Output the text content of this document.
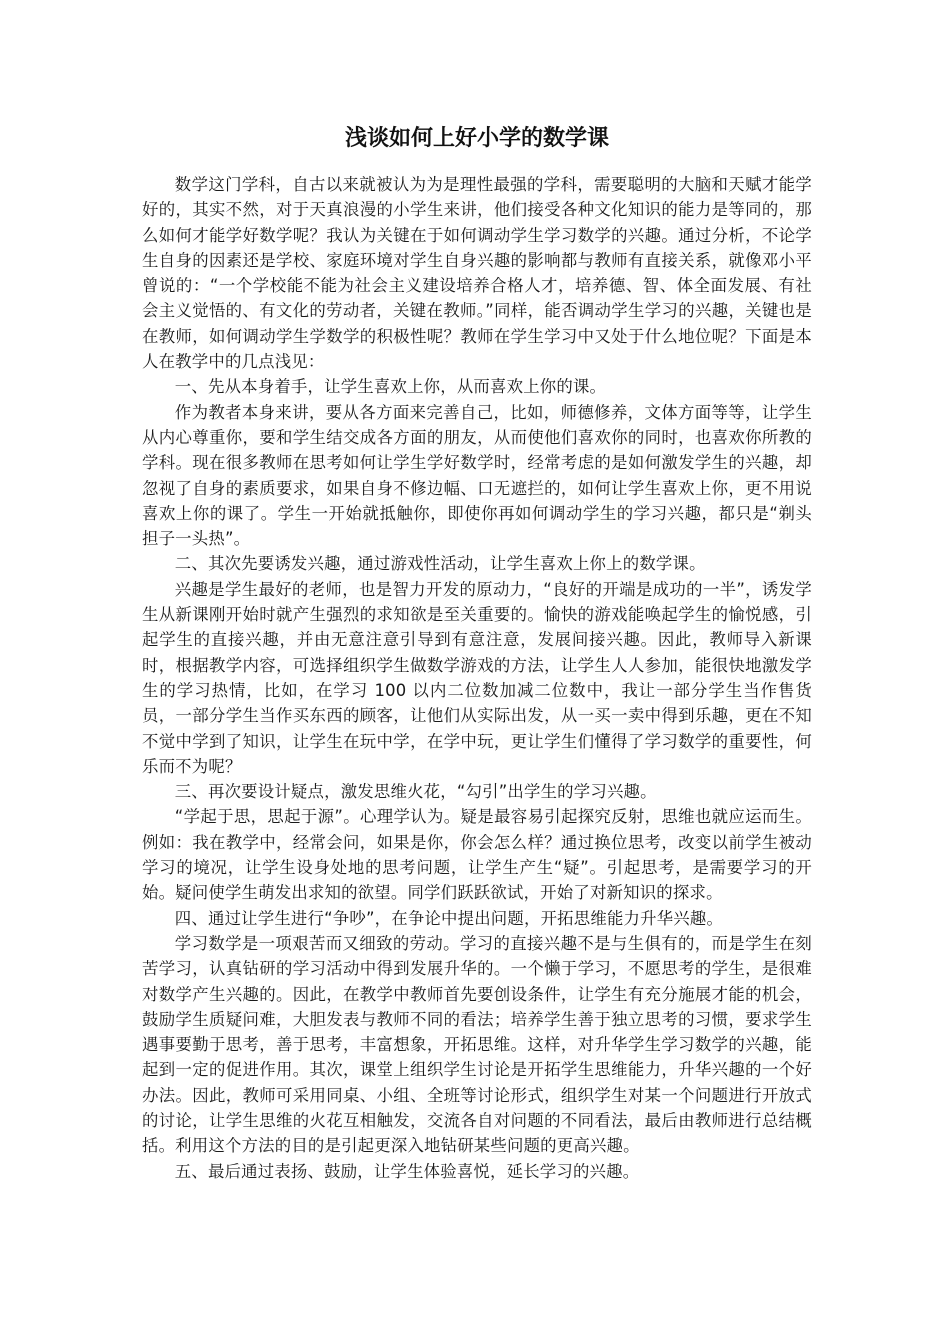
浅谈如何上好小学的数学课

数学这门学科，自古以来就被认为为是理性最强的学科，需要聪明的大脑和天赋才能学好的，其实不然，对于天真浪漫的小学生来讲，他们接受各种文化知识的能力是等同的，那么如何才能学好数学呢？我认为关键在于如何调动学生学习数学的兴趣。通过分析，不论学生自身的因素还是学校、家庭环境对学生自身兴趣的影响都与教师有直接关系，就像邓小平曾说的：“一个学校能不能为社会主义建设培养合格人才，培养德、智、体全面发展、有社会主义觉悟的、有文化的劳动者，关键在教师。”同样，能否调动学生学习的兴趣，关键也是在教师，如何调动学生学数学的积极性呢？教师在学生学习中又处于什么地位呢？下面是本人在教学中的几点浅见：

一、先从本身着手，让学生喜欢上你，从而喜欢上你的课。

作为教者本身来讲，要从各方面来完善自己，比如，师德修养，文体方面等等，让学生从内心尊重你，要和学生结交成各方面的朋友，从而使他们喜欢你的同时，也喜欢你所教的学科。现在很多教师在思考如何让学生学好数学时，经常考虑的是如何激发学生的兴趣，却忽视了自身的素质要求，如果自身不修边幅、口无遮拦的，如何让学生喜欢上你，更不用说喜欢上你的课了。学生一开始就抵触你，即使你再如何调动学生的学习兴趣，都只是“剃头担子一头热”。

二、其次先要诱发兴趣，通过游戏性活动，让学生喜欢上你上的数学课。

兴趣是学生最好的老师，也是智力开发的原动力，“良好的开端是成功的一半”，诱发学生从新课刚开始时就产生强烈的求知欲是至关重要的。愉快的游戏能唤起学生的愉悦感，引起学生的直接兴趣，并由无意注意引导到有意注意，发展间接兴趣。因此，教师导入新课时，根据教学内容，可选择组织学生做数学游戏的方法，让学生人人参加，能很快地激发学生的学习热情，比如，在学习 100 以内二位数加减二位数中，我让一部分学生当作售货员，一部分学生当作买东西的顾客，让他们从实际出发，从一买一卖中得到乐趣，更在不知不觉中学到了知识，让学生在玩中学，在学中玩，更让学生们懂得了学习数学的重要性，何乐而不为呢？

三、再次要设计疑点，激发思维火花，“勾引”出学生的学习兴趣。

“学起于思，思起于源”。心理学认为。疑是最容易引起探究反射，思维也就应运而生。例如：我在教学中，经常会问，如果是你，你会怎么样？通过换位思考，改变以前学生被动学习的境况，让学生设身处地的思考问题，让学生产生“疑”。引起思考，是需要学习的开始。疑问使学生萌发出求知的欲望。同学们跃跃欲试，开始了对新知识的探求。

四、通过让学生进行“争吵”，在争论中提出问题，开拓思维能力升华兴趣。

学习数学是一项艰苦而又细致的劳动。学习的直接兴趣不是与生俱有的，而是学生在刻苦学习，认真钻研的学习活动中得到发展升华的。一个懒于学习，不愿思考的学生，是很难对数学产生兴趣的。因此，在教学中教师首先要创设条件，让学生有充分施展才能的机会，鼓励学生质疑问难，大胆发表与教师不同的看法；培养学生善于独立思考的习惯，要求学生遇事要勤于思考，善于思考，丰富想象，开拓思维。这样，对升华学生学习数学的兴趣，能起到一定的促进作用。其次，课堂上组织学生讨论是开拓学生思维能力，升华兴趣的一个好办法。因此，教师可采用同桌、小组、全班等讨论形式，组织学生对某一个问题进行开放式的讨论，让学生思维的火花互相触发，交流各自对问题的不同看法，最后由教师进行总结概括。利用这个方法的目的是引起更深入地钻研某些问题的更高兴趣。

五、最后通过表扬、鼓励，让学生体验喜悦，延长学习的兴趣。
